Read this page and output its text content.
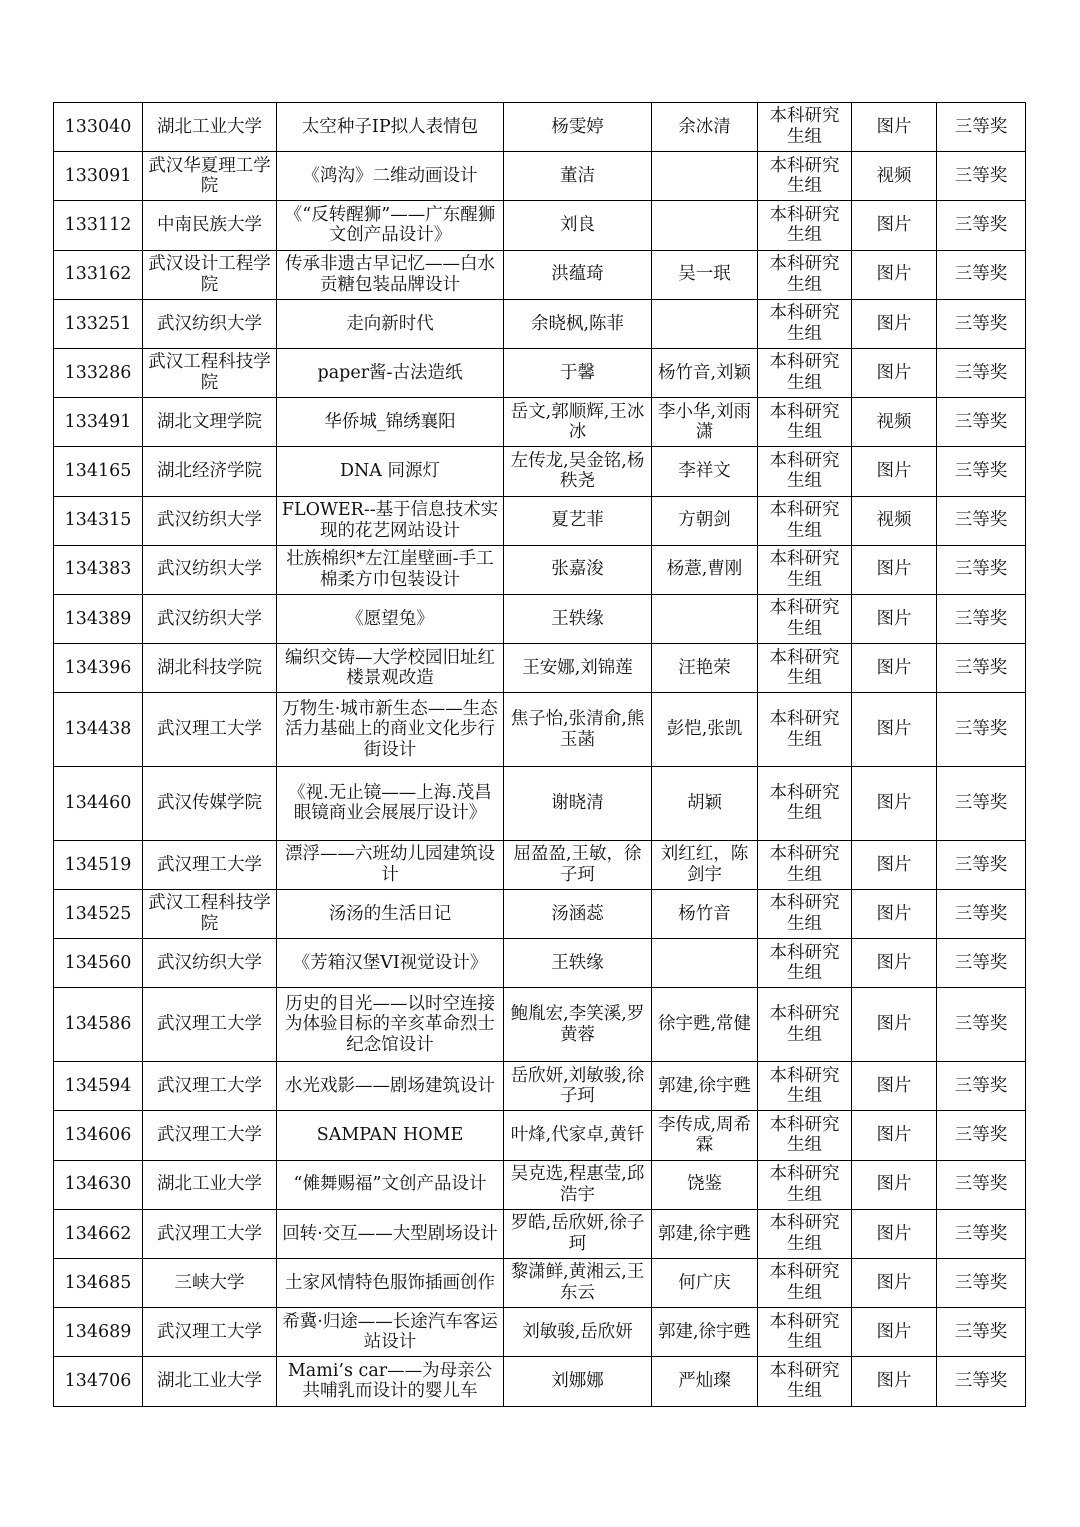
133040	湖北工业大学	太空种子IP拟人表情包	杨雯婷	余冰清	本科研究生组	图片	三等奖
133091	武汉华夏理工学院	《鸿沟》二维动画设计	董洁		本科研究生组	视频	三等奖
133112	中南民族大学	《“反转醒狮”——广东醒狮文创产品设计》	刘良		本科研究生组	图片	三等奖
133162	武汉设计工程学院	传承非遗古早记忆——白水贡糖包装品牌设计	洪蕴琦	吴一珉	本科研究生组	图片	三等奖
133251	武汉纺织大学	走向新时代	余晓枫,陈菲		本科研究生组	图片	三等奖
133286	武汉工程科技学院	paper酱-古法造纸	于馨	杨竹音,刘颖	本科研究生组	图片	三等奖
133491	湖北文理学院	华侨城_锦绣襄阳	岳文,郭顺辉,王冰冰	李小华,刘雨潇	本科研究生组	视频	三等奖
134165	湖北经济学院	DNA 同源灯	左传龙,吴金铭,杨秩尧	李祥文	本科研究生组	图片	三等奖
134315	武汉纺织大学	FLOWER--基于信息技术实现的花艺网站设计	夏艺菲	方朝剑	本科研究生组	视频	三等奖
134383	武汉纺织大学	壮族棉织*左江崖壁画-手工棉柔方巾包装设计	张嘉浚	杨薏,曹刚	本科研究生组	图片	三等奖
134389	武汉纺织大学	《愿望兔》	王轶缘		本科研究生组	图片	三等奖
134396	湖北科技学院	编织交铸—大学校园旧址红楼景观改造	王安娜,刘锦莲	汪艳荣	本科研究生组	图片	三等奖
134438	武汉理工大学	万物生·城市新生态——生态活力基础上的商业文化步行街设计	焦子怡,张清俞,熊玉菡	彭恺,张凯	本科研究生组	图片	三等奖
134460	武汉传媒学院	《视.无止镜——上海.茂昌眼镜商业会展展厅设计》	谢晓清	胡颖	本科研究生组	图片	三等奖
134519	武汉理工大学	漂浮——六班幼儿园建筑设计	屈盈盈,王敏，徐子珂	刘红红，陈剑宇	本科研究生组	图片	三等奖
134525	武汉工程科技学院	汤汤的生活日记	汤涵蕊	杨竹音	本科研究生组	图片	三等奖
134560	武汉纺织大学	《芳箱汉堡VI视觉设计》	王轶缘		本科研究生组	图片	三等奖
134586	武汉理工大学	历史的目光——以时空连接为体验目标的辛亥革命烈士纪念馆设计	鲍胤宏,李笑溪,罗黄蓉	徐宇甦,常健	本科研究生组	图片	三等奖
134594	武汉理工大学	水光戏影——剧场建筑设计	岳欣妍,刘敏骏,徐子珂	郭建,徐宇甦	本科研究生组	图片	三等奖
134606	武汉理工大学	SAMPAN HOME	叶烽,代家卓,黄钎	李传成,周希霖	本科研究生组	图片	三等奖
134630	湖北工业大学	“傩舞赐福”文创产品设计	吴克选,程惠莹,邱浩宇	饶鉴	本科研究生组	图片	三等奖
134662	武汉理工大学	回转·交互——大型剧场设计	罗皓,岳欣妍,徐子珂	郭建,徐宇甦	本科研究生组	图片	三等奖
134685	三峡大学	土家风情特色服饰插画创作	黎潇鲜,黄湘云,王东云	何广庆	本科研究生组	图片	三等奖
134689	武汉理工大学	希冀·归途——长途汽车客运站设计	刘敏骏,岳欣妍	郭建,徐宇甦	本科研究生组	图片	三等奖
134706	湖北工业大学	Mami’s car——为母亲公共哺乳而设计的婴儿车	刘娜娜	严灿璨	本科研究生组	图片	三等奖
